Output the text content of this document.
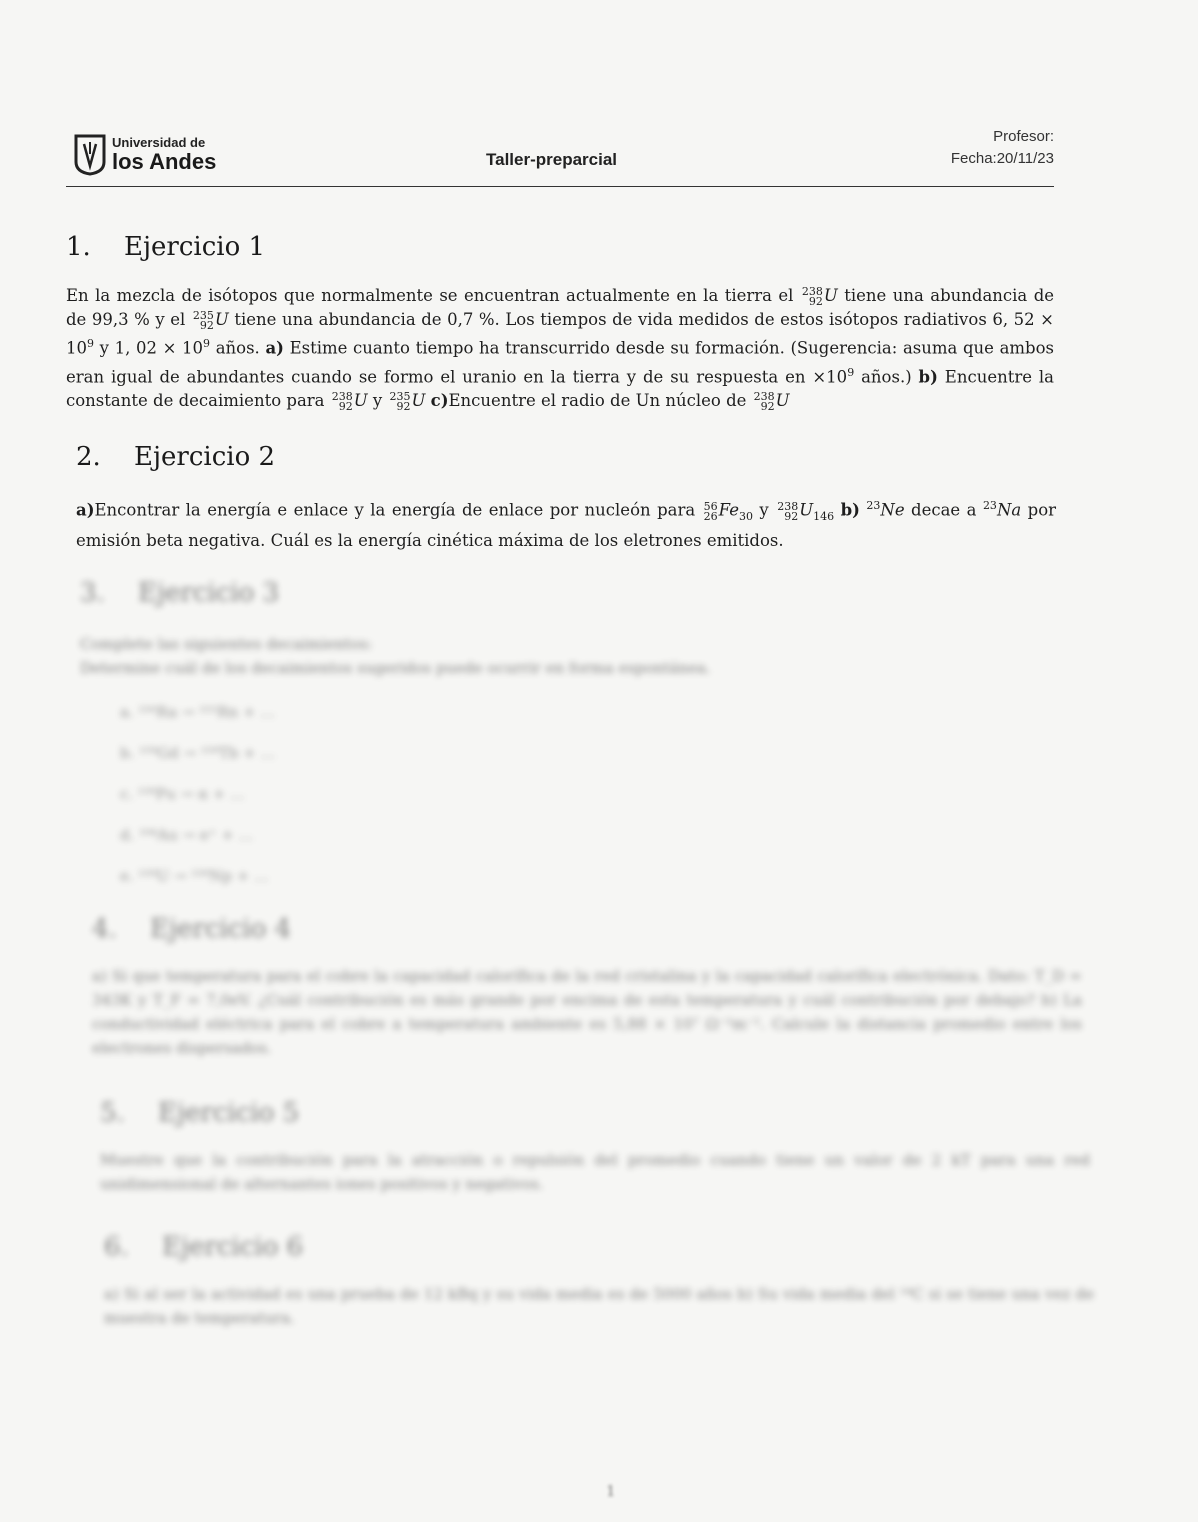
Universidad de
los Andes	Taller-preparcial
Profesor:
Fecha:20/11/23
1. Ejercicio 1
En la mezcla de isótopos que normalmente se encuentran actualmente en la tierra el 238
92 U tiene una abundancia de de 99,3 % y el 235
92 U tiene una abundancia de 0,7 %. Los tiempos de vida medidos de estos isótopos radiativos 6, $52 \times 10^9$ y 1, $02 \times 10^9$ años. a) Estime cuanto tiempo ha transcurrido desde su formación. (Sugerencia: asuma que ambos eran igual de abundantes cuando se formo el uranio en la tierra y de su respuesta en $\times 10^9$ años.) b) Encuentre la constante de decaimiento para 238
92 U y 235
92 U c)Encuentre el radio de Un núcleo de 238
92 U
2. Ejercicio 2
a)Encontrar la energía e enlace y la energía de enlace por nucleón para 56
26 $Fe_{30}$ y 238
92 $U_{146}$ b) $^{23}$Ne decae a $^{23}$Na por emisión beta negativa. Cuál es la energía cinética máxima de los eletrones emitidos.
3. Ejercicio 3
Complete las siguientes decaimientos:
Determine cuál de los decaimientos sugeridos puede ocurrir en forma espontánea.
a. ²²⁶Ra → ²²²Rn + ...
b. ¹⁵⁹Gd → ¹⁵⁹Tb + ...
c. ²³⁹Pu → α + ...
d. ¹⁹⁴Au → e⁺ + ...
e. ²³⁹U → ²³⁹Np + ...
4. Ejercicio 4
a) Si que temperatura para el cobre la capacidad calorífica de la red cristalina y la capacidad calorífica electrónica. Dato: T_D = 343K y T_F = 7,0eV. ¿Cuál contribución es más grande por encima de esta temperatura y cuál contribución por debajo? b) La conductividad eléctrica para el cobre a temperatura ambiente es 5,88 × 10⁷ Ω⁻¹m⁻¹. Calcule la distancia promedio entre los electrones dispersados.
5. Ejercicio 5
Muestre que la contribución para la atracción o repulsión del promedio cuando tiene un valor de 2 kT para una red unidimensional de alternantes iones positivos y negativos.
6. Ejercicio 6
a) Si al ser la actividad es una prueba de 12 kBq y su vida media es de 5000 años b) Su vida media del ¹⁴C si se tiene una vez de muestra de temperatura.
1
